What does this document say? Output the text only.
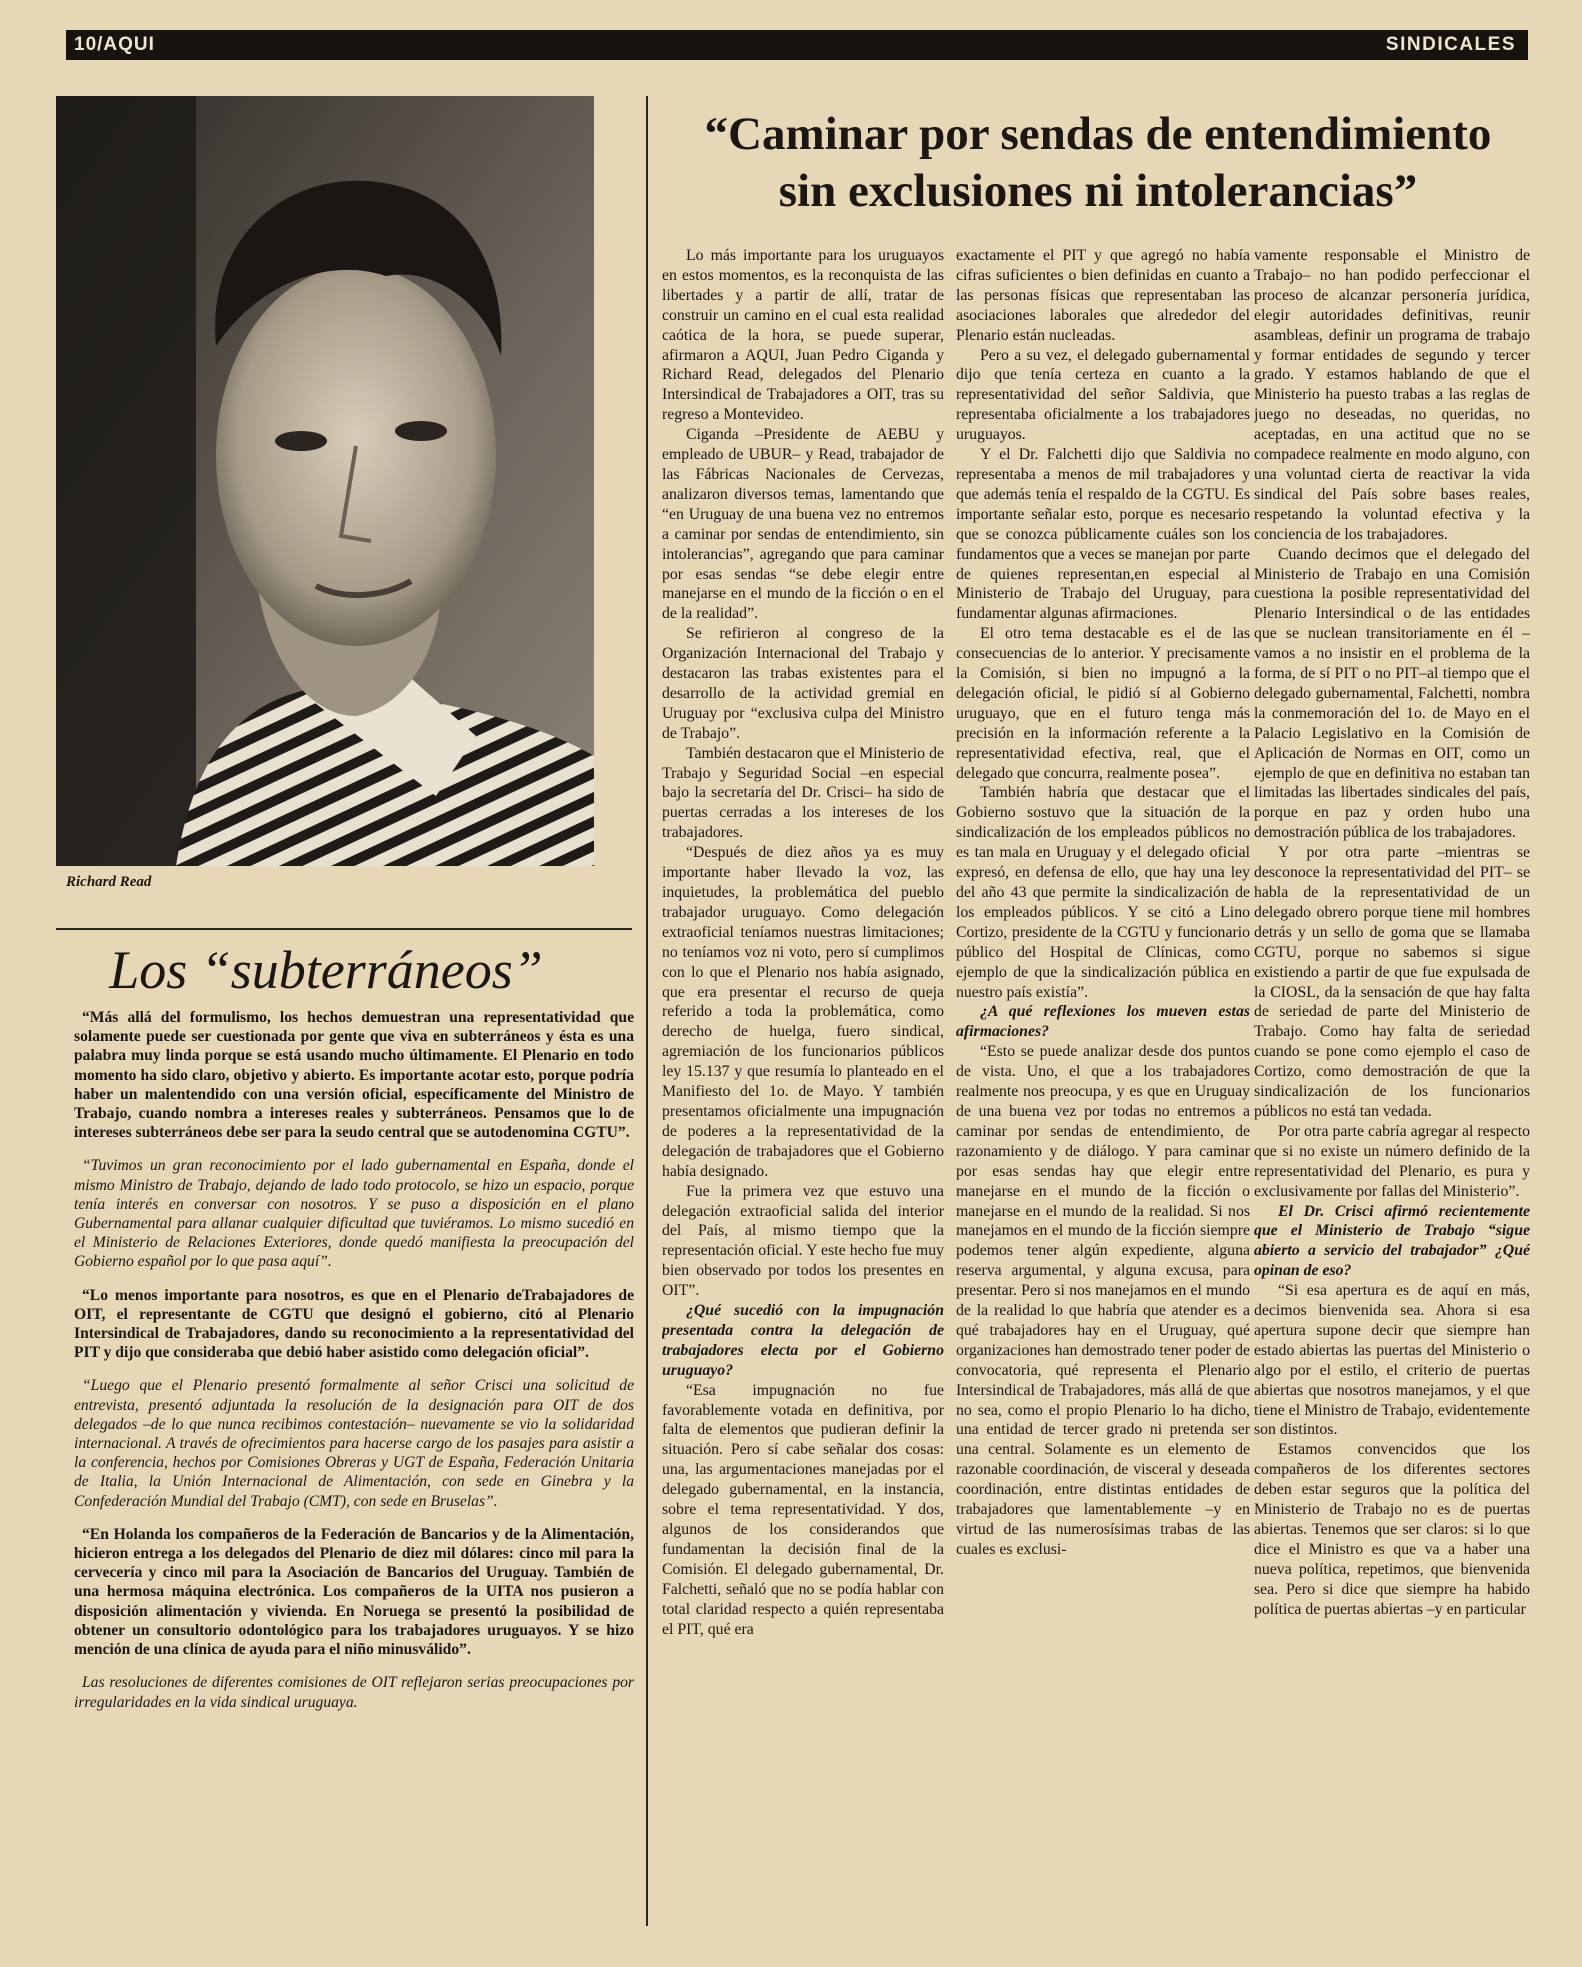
10/AQUI	SINDICALES
Richard Read
Los “subterráneos”

“Más allá del formulismo, los hechos demuestran una representatividad que solamente puede ser cuestionada por gente que viva en subterráneos y ésta es una palabra muy linda porque se está usando mucho últimamente. El Plenario en todo momento ha sido claro, objetivo y abierto. Es importante acotar esto, porque podría haber un malentendido con una versión oficial, específicamente del Ministro de Trabajo, cuando nombra a intereses reales y subterráneos. Pensamos que lo de intereses subterráneos debe ser para la seudo central que se autodenomina CGTU”.

“Tuvimos un gran reconocimiento por el lado gubernamental en España, donde el mismo Ministro de Trabajo, dejando de lado todo protocolo, se hizo un espacio, porque tenía interés en conversar con nosotros. Y se puso a disposición en el plano Gubernamental para allanar cualquier dificultad que tuviéramos. Lo mismo sucedió en el Ministerio de Relaciones Exteriores, donde quedó manifiesta la preocupación del Gobierno español por lo que pasa aquí”.

“Lo menos importante para nosotros, es que en el Plenario deTrabajadores de OIT, el representante de CGTU que designó el gobierno, citó al Plenario Intersindical de Trabajadores, dando su reconocimiento a la representatividad del PIT y dijo que consideraba que debió haber asistido como delegación oficial”.

“Luego que el Plenario presentó formalmente al señor Crisci una solicitud de entrevista, presentó adjuntada la resolución de la designación para OIT de dos delegados –de lo que nunca recibimos contestación– nuevamente se vio la solidaridad internacional. A través de ofrecimientos para hacerse cargo de los pasajes para asistir a la conferencia, hechos por Comisiones Obreras y UGT de España, Federación Unitaria de Italia, la Unión Internacional de Alimentación, con sede en Ginebra y la Confederación Mundial del Trabajo (CMT), con sede en Bruselas”.

“En Holanda los compañeros de la Federación de Bancarios y de la Alimentación, hicieron entrega a los delegados del Plenario de diez mil dólares: cinco mil para la cervecería y cinco mil para la Asociación de Bancarios del Uruguay. También de una hermosa máquina electrónica. Los compañeros de la UITA nos pusieron a disposición alimentación y vivienda. En Noruega se presentó la posibilidad de obtener un consultorio odontológico para los trabajadores uruguayos. Y se hizo mención de una clínica de ayuda para el niño minusválido”.

Las resoluciones de diferentes comisiones de OIT reflejaron serias preocupaciones por irregularidades en la vida sindical uruguaya.

“Caminar por sendas de entendimiento
sin exclusiones ni intolerancias”

Lo más importante para los uruguayos en estos momentos, es la reconquista de las libertades y a partir de allí, tratar de construir un camino en el cual esta realidad caótica de la hora, se puede superar, afirmaron a AQUI, Juan Pedro Ciganda y Richard Read, delegados del Plenario Intersindical de Trabajadores a OIT, tras su regreso a Montevideo.

Ciganda –Presidente de AEBU y empleado de UBUR– y Read, trabajador de las Fábricas Nacionales de Cervezas, analizaron diversos temas, lamentando que “en Uruguay de una buena vez no entremos a caminar por sendas de entendimiento, sin intolerancias”, agregando que para caminar por esas sendas “se debe elegir entre manejarse en el mundo de la ficción o en el de la realidad”.

Se refirieron al congreso de la Organización Internacional del Trabajo y destacaron las trabas existentes para el desarrollo de la actividad gremial en Uruguay por “exclusiva culpa del Ministro de Trabajo”.

También destacaron que el Ministerio de Trabajo y Seguridad Social –en especial bajo la secretaría del Dr. Crisci– ha sido de puertas cerradas a los intereses de los trabajadores.

“Después de diez años ya es muy importante haber llevado la voz, las inquietudes, la problemática del pueblo trabajador uruguayo. Como delegación extraoficial teníamos nuestras limitaciones; no teníamos voz ni voto, pero sí cumplimos con lo que el Plenario nos había asignado, que era presentar el recurso de queja referido a toda la problemática, como derecho de huelga, fuero sindical, agremiación de los funcionarios públicos ley 15.137 y que resumía lo planteado en el Manifiesto del 1o. de Mayo. Y también presentamos oficialmente una impugnación de poderes a la representatividad de la delegación de trabajadores que el Gobierno había designado.

Fue la primera vez que estuvo una delegación extraoficial salida del interior del País, al mismo tiempo que la representación oficial. Y este hecho fue muy bien observado por todos los presentes en OIT”.

¿Qué sucedió con la impugnación presentada contra la delegación de trabajadores electa por el Gobierno uruguayo?

“Esa impugnación no fue favorablemente votada en definitiva, por falta de elementos que pudieran definir la situación. Pero sí cabe señalar dos cosas: una, las argumentaciones manejadas por el delegado gubernamental, en la instancia, sobre el tema representatividad. Y dos, algunos de los considerandos que fundamentan la decisión final de la Comisión. El delegado gubernamental, Dr. Falchetti, señaló que no se podía hablar con total claridad respecto a quién representaba el PIT, qué era

exactamente el PIT y que agregó no había cifras suficientes o bien definidas en cuanto a las personas físicas que representaban las asociaciones laborales que alrededor del Plenario están nucleadas.

Pero a su vez, el delegado gubernamental dijo que tenía certeza en cuanto a la representatividad del señor Saldivia, que representaba oficialmente a los trabajadores uruguayos.

Y el Dr. Falchetti dijo que Saldivia no representaba a menos de mil trabajadores y que además tenía el respaldo de la CGTU. Es importante señalar esto, porque es necesario que se conozca públicamente cuáles son los fundamentos que a veces se manejan por parte de quienes representan,en especial al Ministerio de Trabajo del Uruguay, para fundamentar algunas afirmaciones.

El otro tema destacable es el de las consecuencias de lo anterior. Y precisamente la Comisión, si bien no impugnó a la delegación oficial, le pidió sí al Gobierno uruguayo, que en el futuro tenga más precisión en la información referente a la representatividad efectiva, real, que el delegado que concurra, realmente posea”.

También habría que destacar que el Gobierno sostuvo que la situación de la sindicalización de los empleados públicos no es tan mala en Uruguay y el delegado oficial expresó, en defensa de ello, que hay una ley del año 43 que permite la sindicalización de los empleados públicos. Y se citó a Lino Cortizo, presidente de la CGTU y funcionario público del Hospital de Clínicas, como ejemplo de que la sindicalización pública en nuestro país existía”.

¿A qué reflexiones los mueven estas afirmaciones?

“Esto se puede analizar desde dos puntos de vista. Uno, el que a los trabajadores realmente nos preocupa, y es que en Uruguay de una buena vez por todas no entremos a caminar por sendas de entendimiento, de razonamiento y de diálogo. Y para caminar por esas sendas hay que elegir entre manejarse en el mundo de la ficción o manejarse en el mundo de la realidad. Si nos manejamos en el mundo de la ficción siempre podemos tener algún expediente, alguna reserva argumental, y alguna excusa, para presentar. Pero si nos manejamos en el mundo de la realidad lo que habría que atender es a qué trabajadores hay en el Uruguay, qué organizaciones han demostrado tener poder de convocatoria, qué representa el Plenario Intersindical de Trabajadores, más allá de que no sea, como el propio Plenario lo ha dicho, una entidad de tercer grado ni pretenda ser una central. Solamente es un elemento de razonable coordinación, de visceral y deseada coordinación, entre distintas entidades de trabajadores que lamentablemente –y en virtud de las numerosísimas trabas de las cuales es exclusi-

vamente responsable el Ministro de Trabajo– no han podido perfeccionar el proceso de alcanzar personería jurídica, elegir autoridades definitivas, reunir asambleas, definir un programa de trabajo y formar entidades de segundo y tercer grado. Y estamos hablando de que el Ministerio ha puesto trabas a las reglas de juego no deseadas, no queridas, no aceptadas, en una actitud que no se compadece realmente en modo alguno, con una voluntad cierta de reactivar la vida sindical del País sobre bases reales, respetando la voluntad efectiva y la conciencia de los trabajadores.

Cuando decimos que el delegado del Ministerio de Trabajo en una Comisión cuestiona la posible representatividad del Plenario Intersindical o de las entidades que se nuclean transitoriamente en él –vamos a no insistir en el problema de la forma, de sí PIT o no PIT–al tiempo que el delegado gubernamental, Falchetti, nombra la conmemoración del 1o. de Mayo en el Palacio Legislativo en la Comisión de Aplicación de Normas en OIT, como un ejemplo de que en definitiva no estaban tan limitadas las libertades sindicales del país, porque en paz y orden hubo una demostración pública de los trabajadores.

Y por otra parte –mientras se desconoce la representatividad del PIT– se habla de la representatividad de un delegado obrero porque tiene mil hombres detrás y un sello de goma que se llamaba CGTU, porque no sabemos si sigue existiendo a partir de que fue expulsada de la CIOSL, da la sensación de que hay falta de seriedad de parte del Ministerio de Trabajo. Como hay falta de seriedad cuando se pone como ejemplo el caso de Cortizo, como demostración de que la sindicalización de los funcionarios públicos no está tan vedada.

Por otra parte cabría agregar al respecto que si no existe un número definido de la representatividad del Plenario, es pura y exclusivamente por fallas del Ministerio”.

El Dr. Crisci afirmó recientemente que el Ministerio de Trabajo “sigue abierto a servicio del trabajador” ¿Qué opinan de eso?

“Si esa apertura es de aquí en más, decimos bienvenida sea. Ahora si esa apertura supone decir que siempre han estado abiertas las puertas del Ministerio o algo por el estilo, el criterio de puertas abiertas que nosotros manejamos, y el que tiene el Ministro de Trabajo, evidentemente son distintos.

Estamos convencidos que los compañeros de los diferentes sectores deben estar seguros que la política del Ministerio de Trabajo no es de puertas abiertas. Tenemos que ser claros: si lo que dice el Ministro es que va a haber una nueva política, repetimos, que bienvenida sea. Pero si dice que siempre ha habido política de puertas abiertas –y en particular
